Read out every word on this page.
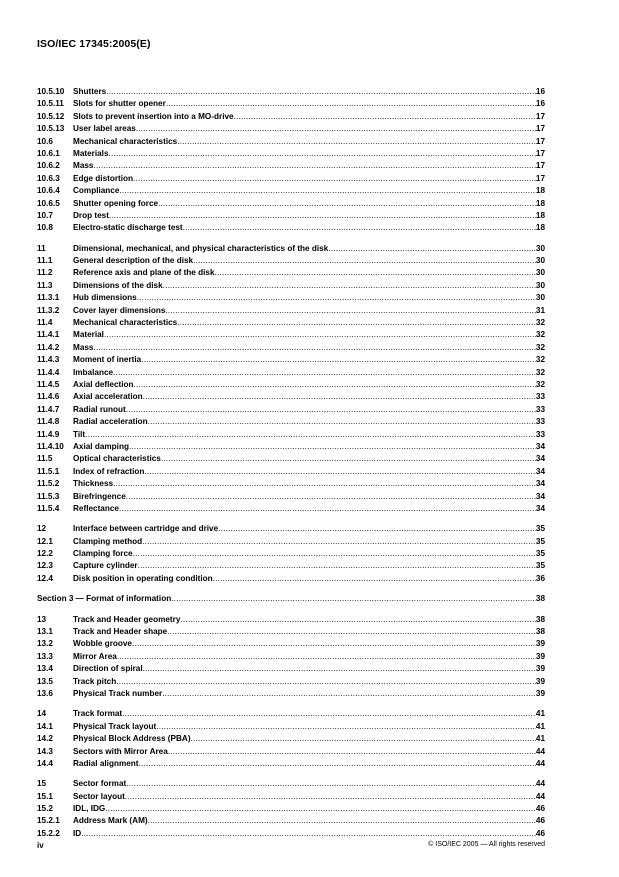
ISO/IEC 17345:2005(E)
10.5.10	Shutters .....	16
10.5.11	Slots for shutter opener .....	16
10.5.12	Slots to prevent insertion into a MO-drive .....	17
10.5.13	User label areas .....	17
10.6	Mechanical characteristics .....	17
10.6.1	Materials .....	17
10.6.2	Mass .....	17
10.6.3	Edge distortion .....	17
10.6.4	Compliance .....	18
10.6.5	Shutter opening force .....	18
10.7	Drop test .....	18
10.8	Electro-static discharge test .....	18
11	Dimensional, mechanical, and physical characteristics of the disk .....	30
11.1	General description of the disk .....	30
11.2	Reference axis and plane of the disk .....	30
11.3	Dimensions of the disk .....	30
11.3.1	Hub dimensions .....	30
11.3.2	Cover layer dimensions .....	31
11.4	Mechanical characteristics .....	32
11.4.1	Material .....	32
11.4.2	Mass .....	32
11.4.3	Moment of inertia .....	32
11.4.4	Imbalance .....	32
11.4.5	Axial deflection .....	32
11.4.6	Axial acceleration .....	33
11.4.7	Radial runout .....	33
11.4.8	Radial acceleration .....	33
11.4.9	Tilt .....	33
11.4.10	Axial damping .....	34
11.5	Optical characteristics .....	34
11.5.1	Index of refraction .....	34
11.5.2	Thickness .....	34
11.5.3	Birefringence .....	34
11.5.4	Reflectance .....	34
12	Interface between cartridge and drive .....	35
12.1	Clamping method .....	35
12.2	Clamping force .....	35
12.3	Capture cylinder .....	35
12.4	Disk position in operating condition .....	36
Section 3 — Format of information .....	38
13	Track and Header geometry .....	38
13.1	Track and Header shape .....	38
13.2	Wobble groove .....	39
13.3	Mirror Area .....	39
13.4	Direction of spiral .....	39
13.5	Track pitch .....	39
13.6	Physical Track number .....	39
14	Track format .....	41
14.1	Physical Track layout .....	41
14.2	Physical Block Address (PBA) .....	41
14.3	Sectors with Mirror Area .....	44
14.4	Radial alignment .....	44
15	Sector format .....	44
15.1	Sector layout .....	44
15.2	IDL, IDG .....	46
15.2.1	Address Mark (AM) .....	46
15.2.2	ID .....	46
iv	© ISO/IEC 2005 — All rights reserved
